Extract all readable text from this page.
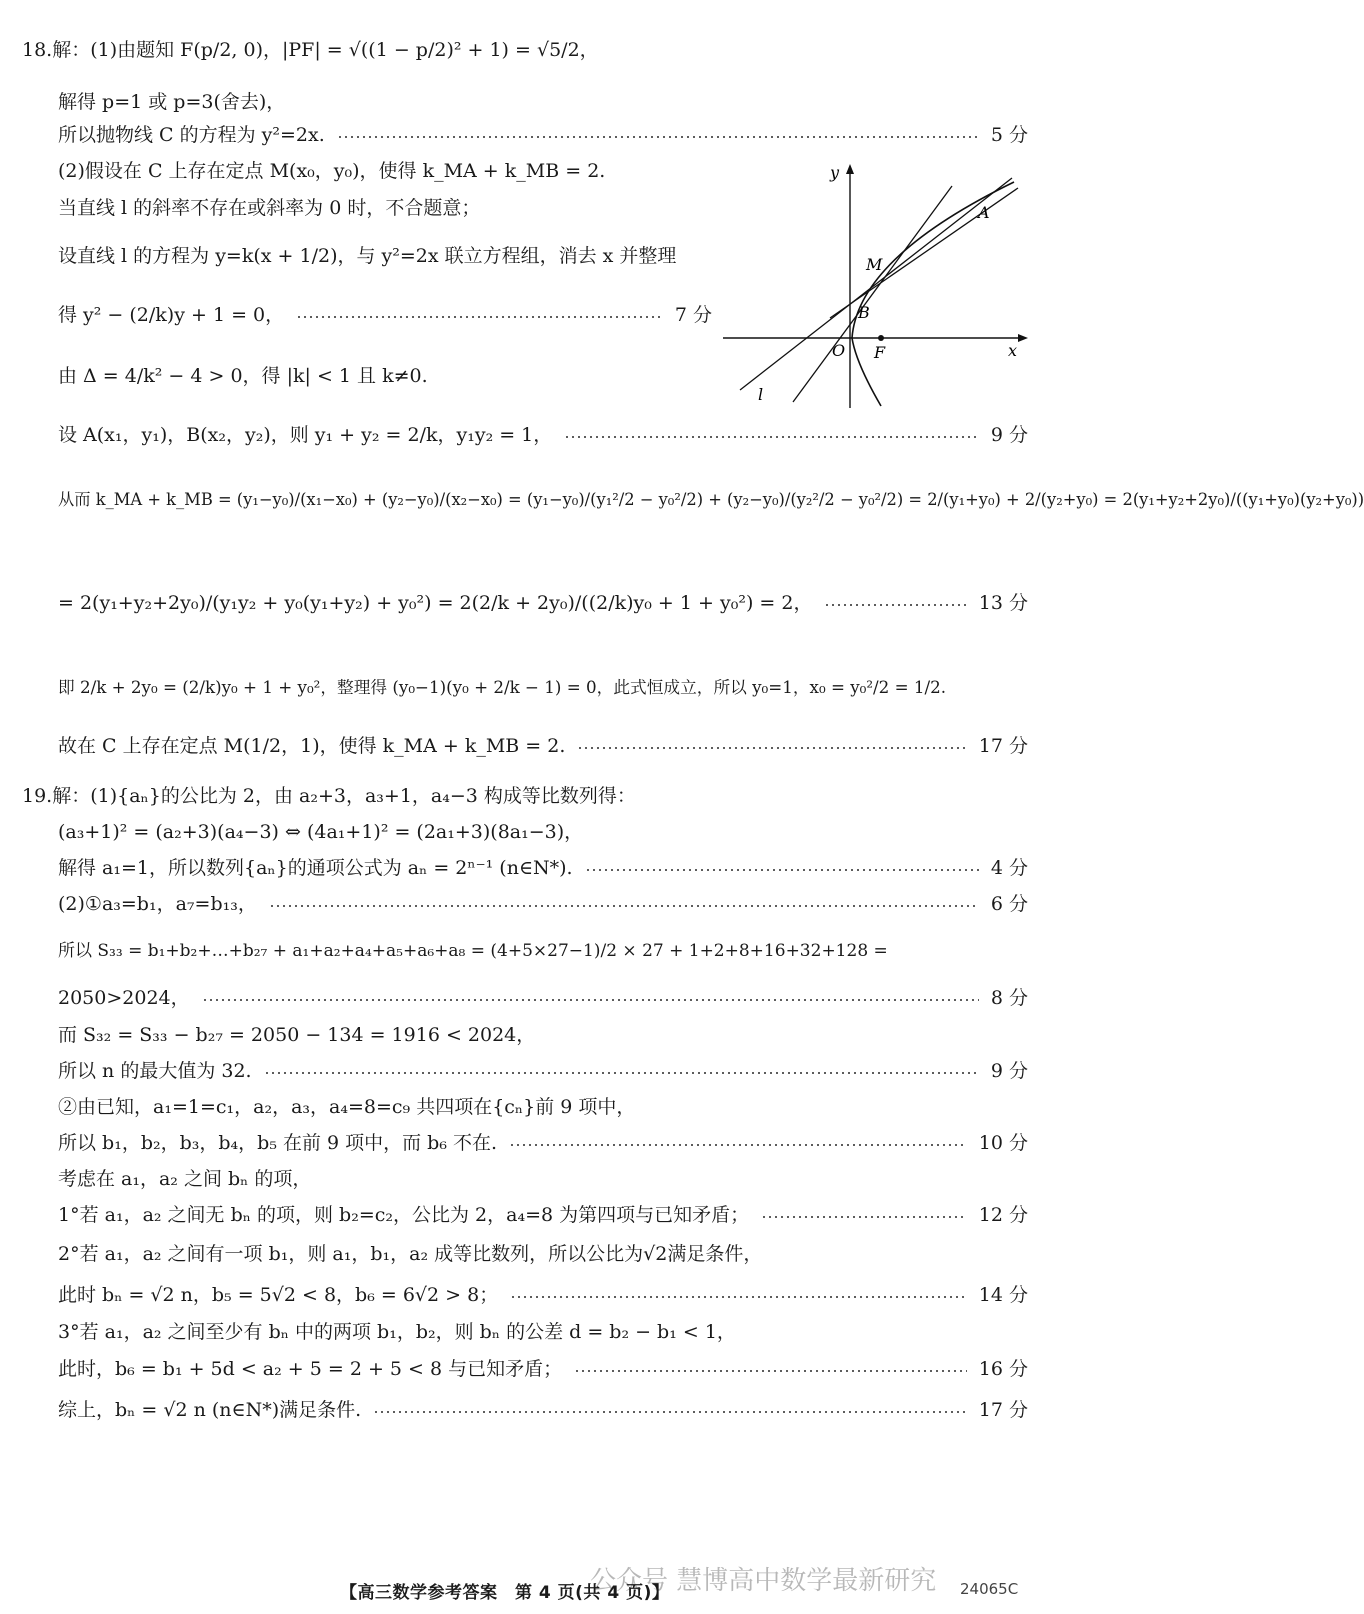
18.解：(1)由题知 F(p/2, 0)，|PF| = √((1 − p/2)² + 1) = √5/2，
解得 p=1 或 p=3(舍去)，
所以抛物线 C 的方程为 y²=2x.	5 分
(2)假设在 C 上存在定点 M(x₀，y₀)，使得 k_MA + k_MB = 2.
当直线 l 的斜率不存在或斜率为 0 时，不合题意；
设直线 l 的方程为 y=k(x + 1/2)，与 y²=2x 联立方程组，消去 x 并整理
得 y² − (2/k)y + 1 = 0，	7 分
由 Δ = 4/k² − 4 > 0，得 |k| < 1 且 k≠0.
设 A(x₁，y₁)，B(x₂，y₂)，则 y₁ + y₂ = 2/k，y₁y₂ = 1，	9 分
从而 k_MA + k_MB = (y₁−y₀)/(x₁−x₀) + (y₂−y₀)/(x₂−x₀) = (y₁−y₀)/(y₁²/2 − y₀²/2) + (y₂−y₀)/(y₂²/2 − y₀²/2) = 2/(y₁+y₀) + 2/(y₂+y₀) = 2(y₁+y₂+2y₀)/((y₁+y₀)(y₂+y₀))
= 2(y₁+y₂+2y₀)/(y₁y₂ + y₀(y₁+y₂) + y₀²) = 2(2/k + 2y₀)/((2/k)y₀ + 1 + y₀²) = 2，	13 分
即 2/k + 2y₀ = (2/k)y₀ + 1 + y₀²，整理得 (y₀−1)(y₀ + 2/k − 1) = 0，此式恒成立，所以 y₀=1，x₀ = y₀²/2 = 1/2.
故在 C 上存在定点 M(1/2，1)，使得 k_MA + k_MB = 2.	17 分
y
x
O F
A
B
M
l
19.解：(1){aₙ}的公比为 2，由 a₂+3，a₃+1，a₄−3 构成等比数列得：
(a₃+1)² = (a₂+3)(a₄−3) ⇔ (4a₁+1)² = (2a₁+3)(8a₁−3)，
解得 a₁=1，所以数列{aₙ}的通项公式为 aₙ = 2ⁿ⁻¹ (n∈N*).	4 分
(2)①a₃=b₁，a₇=b₁₃，	6 分
所以 S₃₃ = b₁+b₂+…+b₂₇ + a₁+a₂+a₄+a₅+a₆+a₈ = (4+5×27−1)/2 × 27 + 1+2+8+16+32+128 =
2050>2024，	8 分
而 S₃₂ = S₃₃ − b₂₇ = 2050 − 134 = 1916 < 2024，
所以 n 的最大值为 32.	9 分
②由已知，a₁=1=c₁，a₂，a₃，a₄=8=c₉ 共四项在{cₙ}前 9 项中，
所以 b₁，b₂，b₃，b₄，b₅ 在前 9 项中，而 b₆ 不在.	10 分
考虑在 a₁，a₂ 之间 bₙ 的项，
1°若 a₁，a₂ 之间无 bₙ 的项，则 b₂=c₂，公比为 2，a₄=8 为第四项与已知矛盾；	12 分
2°若 a₁，a₂ 之间有一项 b₁，则 a₁，b₁，a₂ 成等比数列，所以公比为√2满足条件，
此时 bₙ = √2 n，b₅ = 5√2 < 8，b₆ = 6√2 > 8；	14 分
3°若 a₁，a₂ 之间至少有 bₙ 中的两项 b₁，b₂，则 bₙ 的公差 d = b₂ − b₁ < 1，
此时，b₆ = b₁ + 5d < a₂ + 5 = 2 + 5 < 8 与已知矛盾；	16 分
综上，bₙ = √2 n (n∈N*)满足条件.	17 分
公众号 慧博高中数学最新研究
【高三数学参考答案　第 4 页(共 4 页)】	24065C
